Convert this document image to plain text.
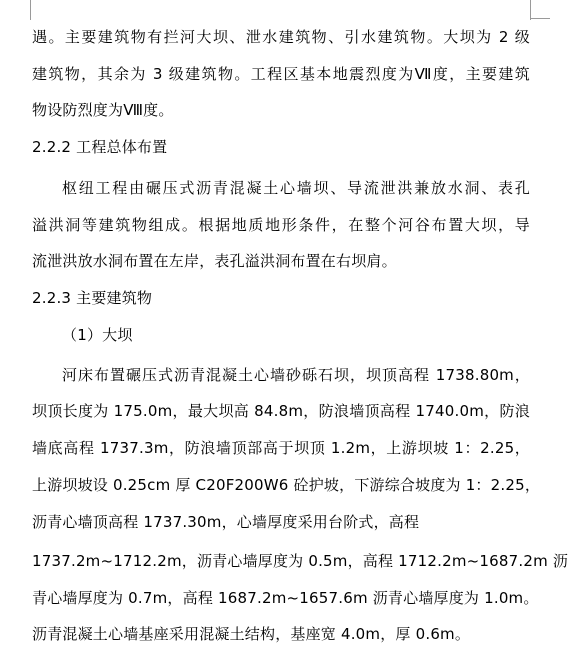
遇。主要建筑物有拦河大坝、泄水建筑物、引水建筑物。大坝为 2 级
建筑物，其余为 3 级建筑物。工程区基本地震烈度为Ⅶ度，主要建筑
物设防烈度为Ⅷ度。
2.2.2 工程总体布置
枢纽工程由碾压式沥青混凝土心墙坝、导流泄洪兼放水洞、表孔
溢洪洞等建筑物组成。根据地质地形条件，在整个河谷布置大坝，导
流泄洪放水洞布置在左岸，表孔溢洪洞布置在右坝肩。
2.2.3 主要建筑物
（1）大坝
河床布置碾压式沥青混凝土心墙砂砾石坝，坝顶高程 1738.80m，
坝顶长度为 175.0m，最大坝高 84.8m，防浪墙顶高程 1740.0m，防浪
墙底高程 1737.3m，防浪墙顶部高于坝顶 1.2m，上游坝坡 1：2.25，
上游坝坡设 0.25cm 厚 C20F200W6 砼护坡，下游综合坡度为 1：2.25，
沥青心墙顶高程 1737.30m，心墙厚度采用台阶式，高程
1737.2m~1712.2m，沥青心墙厚度为 0.5m，高程 1712.2m~1687.2m 沥
青心墙厚度为 0.7m，高程 1687.2m~1657.6m 沥青心墙厚度为 1.0m。
沥青混凝土心墙基座采用混凝土结构，基座宽 4.0m，厚 0.6m。
